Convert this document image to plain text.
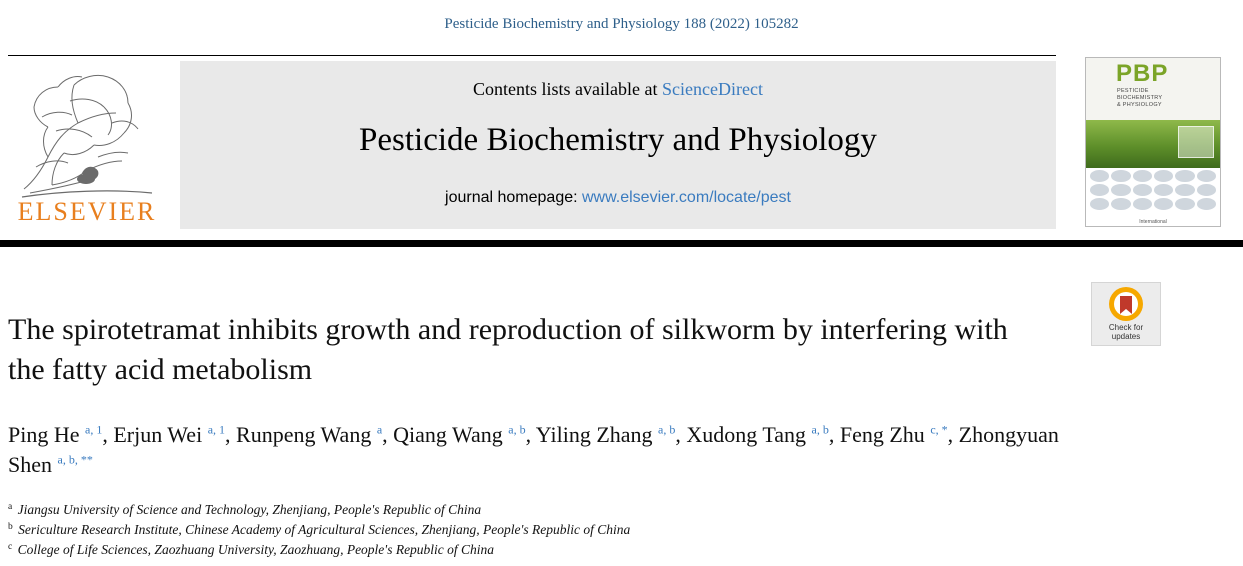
Pesticide Biochemistry and Physiology 188 (2022) 105282
ELSEVIER
Contents lists available at ScienceDirect
Pesticide Biochemistry and Physiology
journal homepage: www.elsevier.com/locate/pest
PBP
PESTICIDE
BIOCHEMISTRY
& PHYSIOLOGY
International
Check for
updates
The spirotetramat inhibits growth and reproduction of silkworm by interfering with the fatty acid metabolism
Ping He $^{a, 1}$, Erjun Wei $^{a, 1}$, Runpeng Wang $^a$, Qiang Wang $^{a, b}$, Yiling Zhang $^{a, b}$, Xudong Tang $^{a, b}$, Feng Zhu $^{c, *}$, Zhongyuan Shen $^{a, b, **}$
$^a$ Jiangsu University of Science and Technology, Zhenjiang, People's Republic of China
$^b$ Sericulture Research Institute, Chinese Academy of Agricultural Sciences, Zhenjiang, People's Republic of China
$^c$ College of Life Sciences, Zaozhuang University, Zaozhuang, People's Republic of China
